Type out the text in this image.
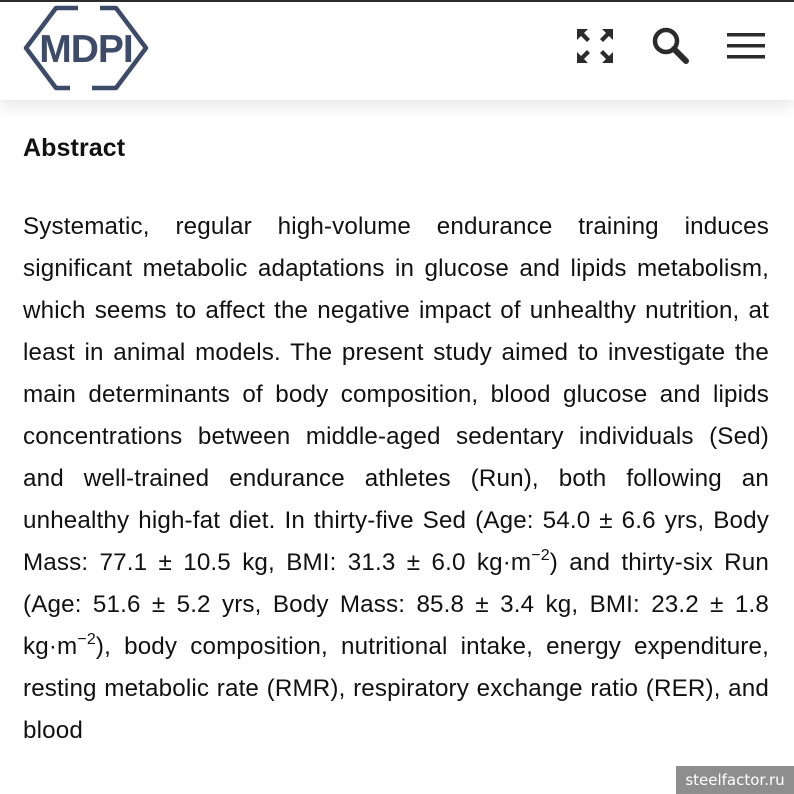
MDPI
Abstract

Systematic, regular high-volume endurance training induces significant metabolic adaptations in glucose and lipids metabolism, which seems to affect the negative impact of unhealthy nutrition, at least in animal models. The present study aimed to investigate the main determinants of body composition, blood glucose and lipids concentrations between middle-aged sedentary individuals (Sed) and well-trained endurance athletes (Run), both following an unhealthy high-fat diet. In thirty-five Sed (Age: 54.0 ± 6.6 yrs, Body Mass: 77.1 ± 10.5 kg, BMI: 31.3 ± 6.0 $kg\cdot m^{-2}$) and thirty-six Run (Age: 51.6 ± 5.2 yrs, Body Mass: 85.8 ± 3.4 kg, BMI: 23.2 ± 1.8 $kg\cdot m^{-2}$), body composition, nutritional intake, energy expenditure, resting metabolic rate (RMR), respiratory exchange ratio (RER), and blood

steelfactor.ru
